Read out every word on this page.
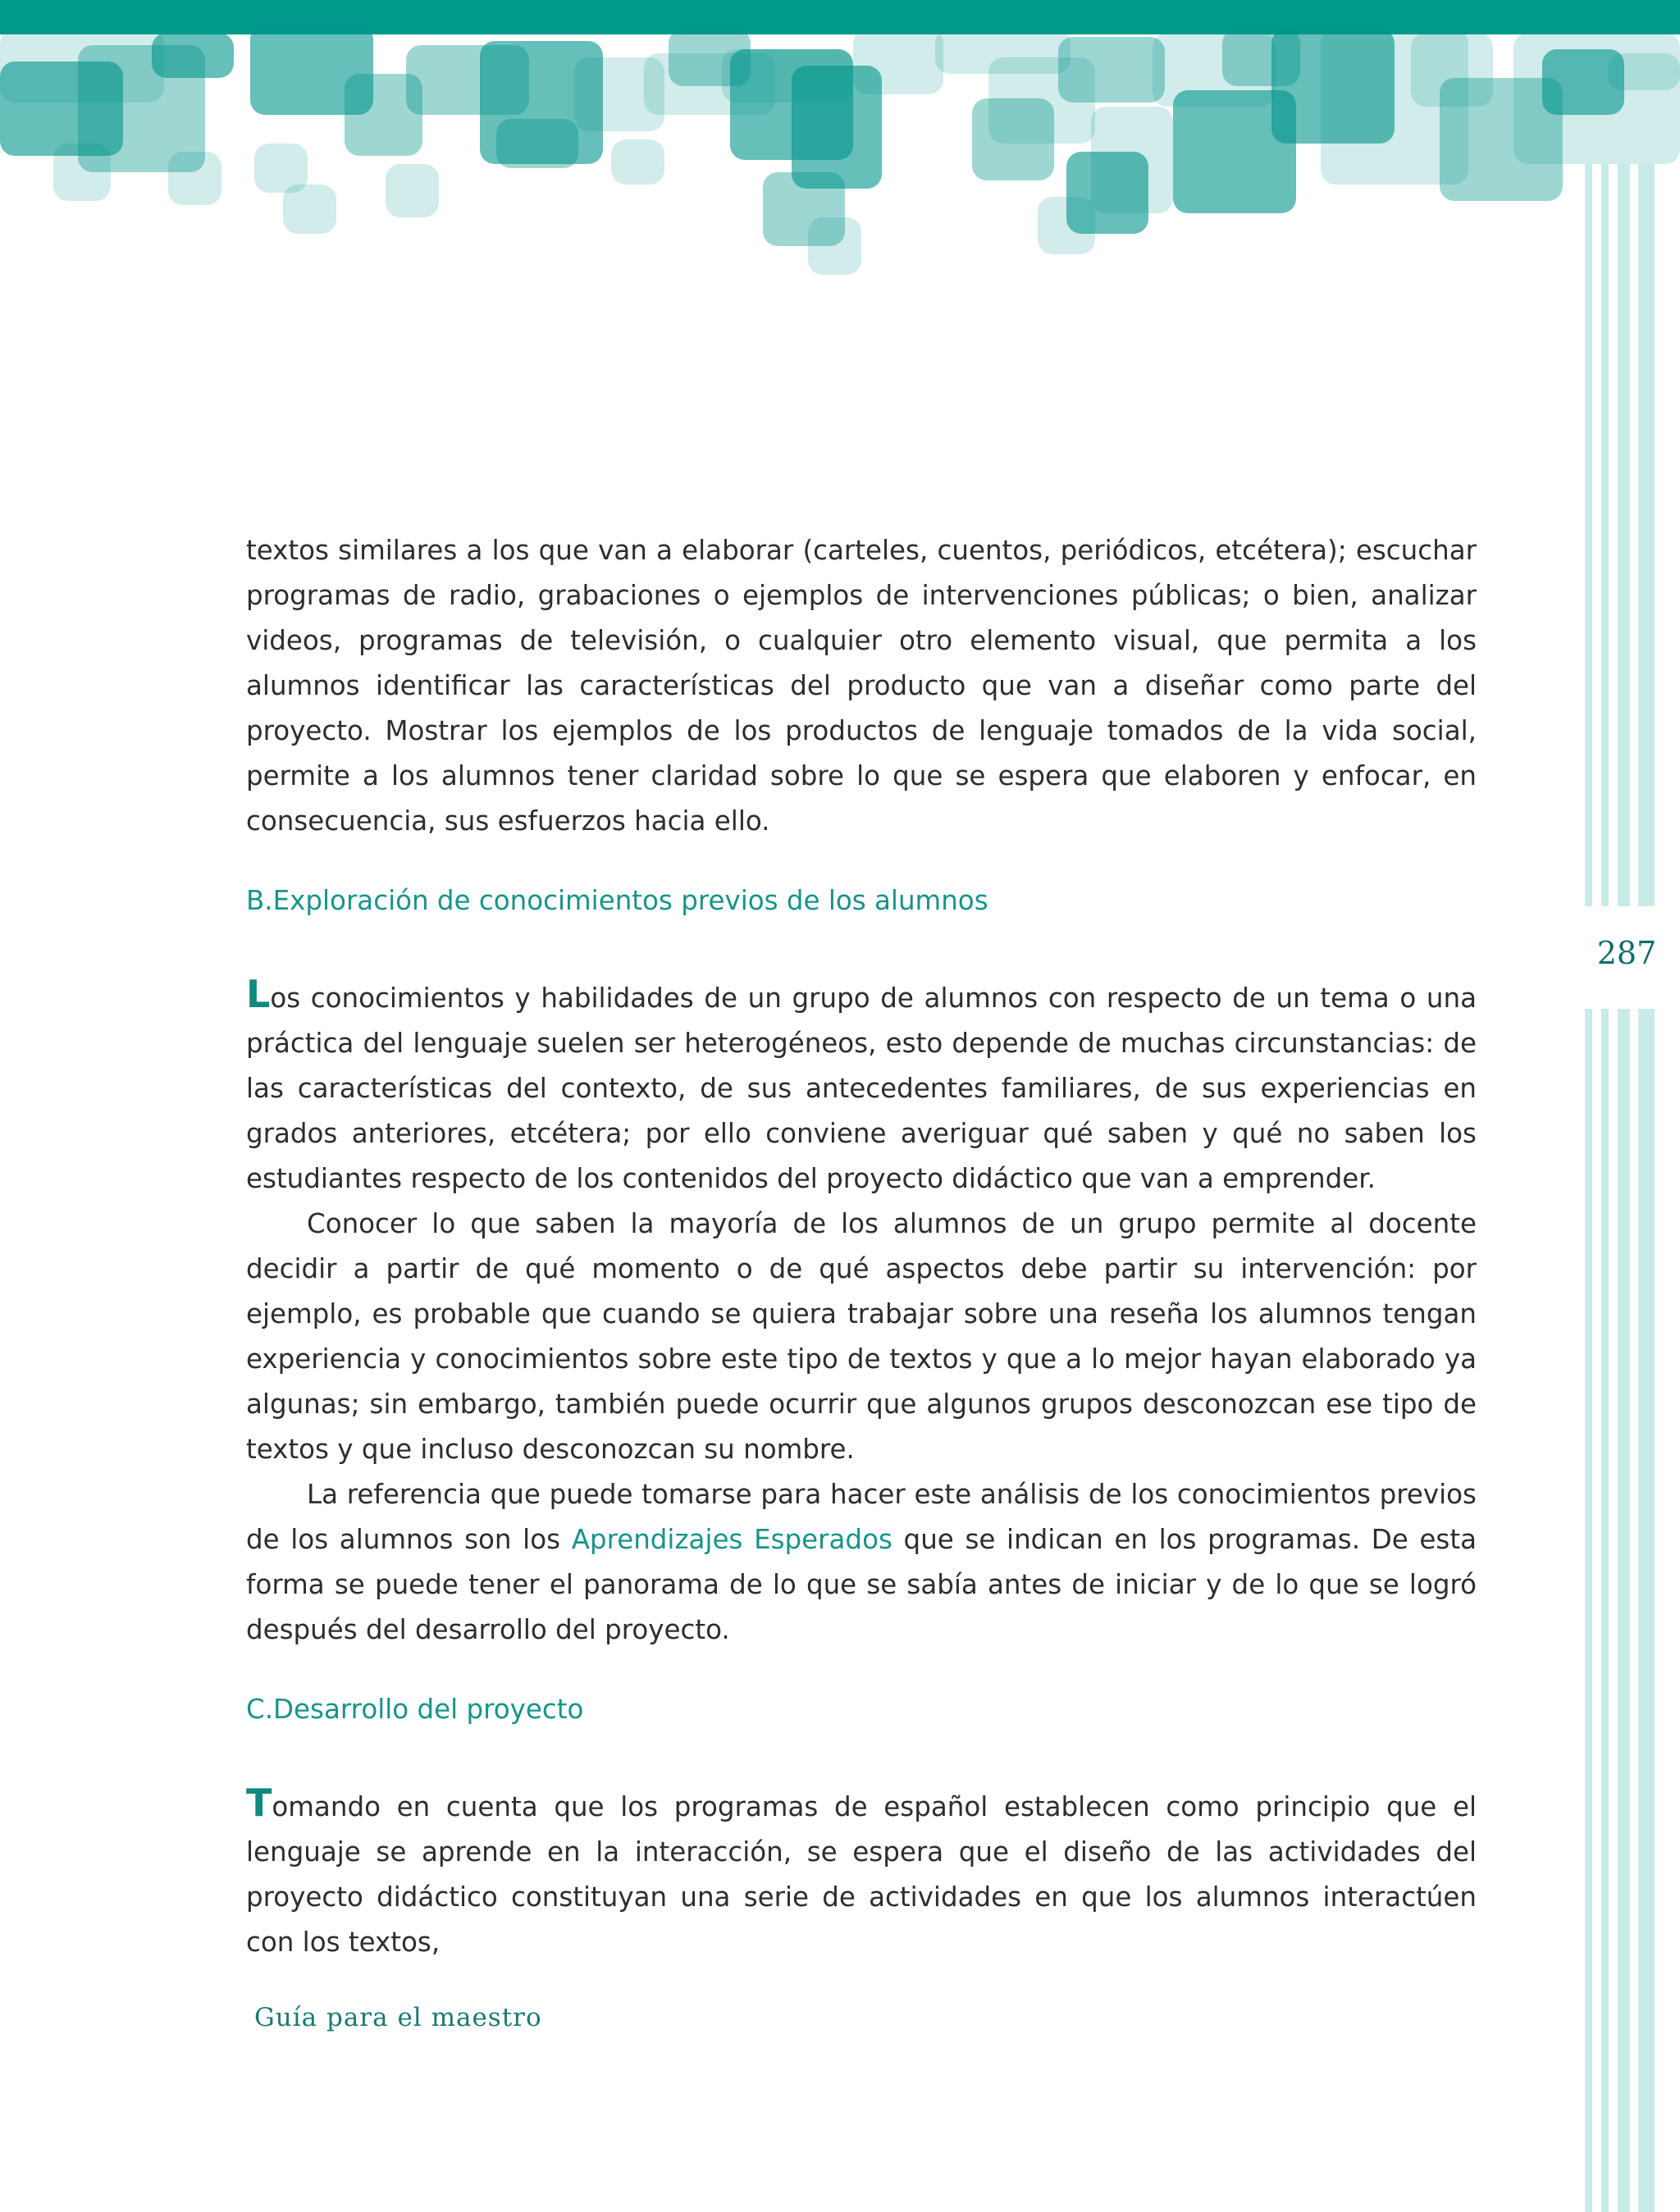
287

textos similares a los que van a elaborar (carteles, cuentos, periódicos, etcétera); escuchar programas de radio, grabaciones o ejemplos de intervenciones públicas; o bien, analizar videos, programas de televisión, o cualquier otro elemento visual, que permita a los alumnos identificar las características del producto que van a diseñar como parte del proyecto. Mostrar los ejemplos de los productos de lenguaje tomados de la vida social, permite a los alumnos tener claridad sobre lo que se espera que elaboren y enfocar, en consecuencia, sus esfuerzos hacia ello.

B.Exploración de conocimientos previos de los alumnos

Los conocimientos y habilidades de un grupo de alumnos con respecto de un tema o una práctica del lenguaje suelen ser heterogéneos, esto depende de muchas circunstancias: de las características del contexto, de sus antecedentes familiares, de sus experiencias en grados anteriores, etcétera; por ello conviene averiguar qué saben y qué no saben los estudiantes respecto de los contenidos del proyecto didáctico que van a emprender.

Conocer lo que saben la mayoría de los alumnos de un grupo permite al docente decidir a partir de qué momento o de qué aspectos debe partir su intervención: por ejemplo, es probable que cuando se quiera trabajar sobre una reseña los alumnos tengan experiencia y conocimientos sobre este tipo de textos y que a lo mejor hayan elaborado ya algunas; sin embargo, también puede ocurrir que algunos grupos desconozcan ese tipo de textos y que incluso desconozcan su nombre.

La referencia que puede tomarse para hacer este análisis de los conocimientos previos de los alumnos son los Aprendizajes Esperados que se indican en los programas. De esta forma se puede tener el panorama de lo que se sabía antes de iniciar y de lo que se logró después del desarrollo del proyecto.

C.Desarrollo del proyecto

Tomando en cuenta que los programas de español establecen como principio que el lenguaje se aprende en la interacción, se espera que el diseño de las actividades del proyecto didáctico constituyan una serie de actividades en que los alumnos interactúen con los textos,

Guía para el maestro
